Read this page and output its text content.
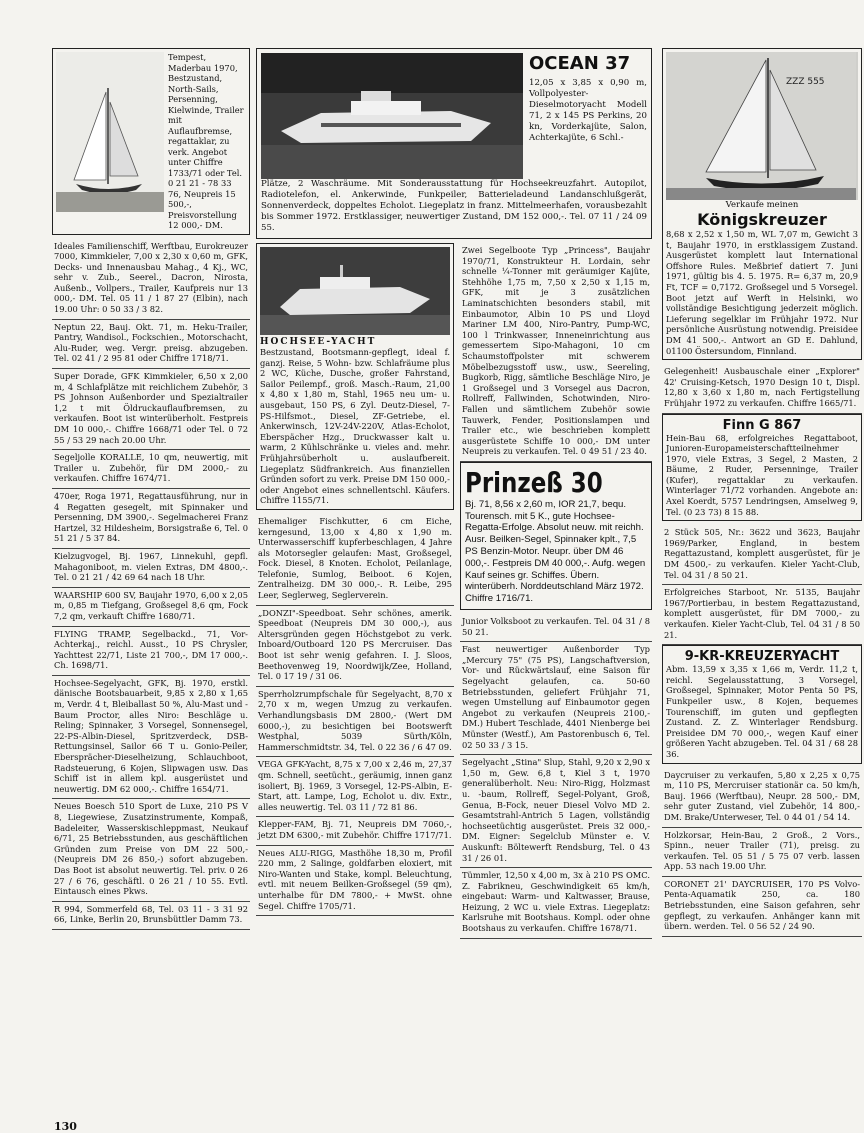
Tempest, Maderbau 1970, Bestzustand, North-Sails, Persenning, Kielwinde, Trailer mit Auflaufbremse, regattaklar, zu verk. Angebot unter Chiffre 1733/71 oder Tel. 0 21 21 - 78 33 76, Neupreis 15 500,-, Preisvorstellung 12 000,- DM.
Ideales Familienschiff, Werftbau, Eurokreuzer 7000, Kimmkieler, 7,00 x 2,30 x 0,60 m, GFK, Decks- und Innenausbau Mahag., 4 Kj., WC, sehr v. Zub., Seerel., Dacron, Nirosta, Außenb., Vollpers., Trailer, Kaufpreis nur 13 000,- DM. Tel. 05 11 / 1 87 27 (Elbin), nach 19.00 Uhr: 0 50 33 / 3 82.
Neptun 22, Bauj. Okt. 71, m. Heku-Trailer, Pantry, Wandisol., Fockschien., Motorschacht, Alu-Ruder, weg. Vergr. preisg. abzugeben. Tel. 02 41 / 2 95 81 oder Chiffre 1718/71.
Super Dorade, GFK Kimmkieler, 6,50 x 2,00 m, 4 Schlafplätze mit reichlichem Zubehör, 3 PS Johnson Außenborder und Spezialtrailer 1,2 t mit Öldruckauflaufbremsen, zu verkaufen. Boot ist winterüberholt. Festpreis DM 10 000,-. Chiffre 1668/71 oder Tel. 0 72 55 / 53 29 nach 20.00 Uhr.
Segeljolle KORALLE, 10 qm, neuwertig, mit Trailer u. Zubehör, für DM 2000,- zu verkaufen. Chiffre 1674/71.
470er, Roga 1971, Regattausführung, nur in 4 Regatten gesegelt, mit Spinnaker und Persenning, DM 3900,-. Segelmacherei Franz Hartzel, 32 Hildesheim, Borsigstraße 6, Tel. 0 51 21 / 5 37 84.
Kielzugvogel, Bj. 1967, Linnekuhl, gepfl. Mahagoniboot, m. vielen Extras, DM 4800,-. Tel. 0 21 21 / 42 69 64 nach 18 Uhr.
WAARSHIP 600 SV, Baujahr 1970, 6,00 x 2,05 m, 0,85 m Tiefgang, Großsegel 8,6 qm, Fock 7,2 qm, verkauft Chiffre 1680/71.
FLYING TRAMP, Segelbackd., 71, Vor-Achterkaj., reichl. Ausst., 10 PS Chrysler, Yachttest 22/71, Liste 21 700,-, DM 17 000,-. Ch. 1698/71.
Hochsee-Segelyacht, GFK, Bj. 1970, erstkl. dänische Bootsbauarbeit, 9,85 x 2,80 x 1,65 m, Verdr. 4 t, Bleiballast 50 %, Alu-Mast und -Baum Proctor, alles Niro: Beschläge u. Reling; Spinnaker, 3 Vorsegel, Sonnensegel, 22-PS-Albin-Diesel, Spritzverdeck, DSB-Rettungsinsel, Sailor 66 T u. Gonio-Peiler, Ebersprächer-Dieselheizung, Schlauchboot, Radsteuerung, 6 Kojen, Slipwagen usw. Das Schiff ist in allem kpl. ausgerüstet und neuwertig. DM 62 000,-. Chiffre 1654/71.
Neues Boesch 510 Sport de Luxe, 210 PS V 8, Liegewiese, Zusatzinstrumente, Kompaß, Badeleiter, Wasserskischleppmast, Neukauf 6/71, 25 Betriebsstunden, aus geschäftlichen Gründen zum Preise von DM 22 500,- (Neupreis DM 26 850,-) sofort abzugeben. Das Boot ist absolut neuwertig. Tel. priv. 0 26 27 / 6 76, geschäftl. 0 26 21 / 10 55. Evtl. Eintausch eines Pkws.
R 994, Sommerfeld 68, Tel. 03 11 - 3 31 92 66, Linke, Berlin 20, Brunsbüttler Damm 73.
OCEAN 37
12,05 x 3,85 x 0,90 m, Vollpolyester-Dieselmotoryacht Modell 71, 2 x 145 PS Perkins, 20 kn, Vorderkajüte, Salon, Achterkajüte, 6 Schl.-
Plätze, 2 Waschräume. Mit Sonderausstattung für Hochseekreuzfahrt. Autopilot, Radiotelefon, el. Ankerwinde, Funkpeiler, Batterieladeund Landanschlußgerät, Sonnenverdeck, doppeltes Echolot. Liegeplatz in franz. Mittelmeerhafen, vorausbezahlt bis Sommer 1972. Erstklassiger, neuwertiger Zustand, DM 152 000,-. Tel. 07 11 / 24 09 55.
HOCHSEE-YACHT
Bestzustand, Bootsmann-gepflegt, ideal f. ganzj. Reise, 5 Wohn- bzw. Schlafräume plus 2 WC, Küche, Dusche, großer Fahrstand, Sailor Peilempf., groß. Masch.-Raum, 21,00 x 4,80 x 1,80 m, Stahl, 1965 neu um- u. ausgebaut, 150 PS, 6 Zyl. Deutz-Diesel, 7-PS-Hilfsmot., Diesel, ZF-Getriebe, el. Ankerwinsch, 12V-24V-220V, Atlas-Echolot, Eberspächer Hzg., Druckwasser kalt u. warm, 2 Kühlschränke u. vieles and. mehr. Frühjahrsüberholt u. auslaufbereit. Liegeplatz Südfrankreich. Aus finanziellen Gründen sofort zu verk. Preise DM 150 000,- oder Angebot eines schnellentschl. Käufers. Chiffre 1155/71.
Ehemaliger Fischkutter, 6 cm Eiche, kerngesund, 13,00 x 4,80 x 1,90 m. Unterwasserschiff kupferbeschlagen, 4 Jahre als Motorsegler gelaufen: Mast, Großsegel, Fock. Diesel, 8 Knoten. Echolot, Peilanlage, Telefonie, Sumlog, Beiboot. 6 Kojen, Zentralheizg. DM 30 000,-. R. Leibe, 295 Leer, Seglerweg, Seglerverein.
„DONZI"-Speedboat. Sehr schönes, amerik. Speedboat (Neupreis DM 30 000,-), aus Altersgründen gegen Höchstgebot zu verk. Inboard/Outboard 120 PS Mercruiser. Das Boot ist sehr wenig gefahren. I. J. Sloos, Beethovenweg 19, Noordwijk/Zee, Holland, Tel. 0 17 19 / 31 06.
Sperrholzrumpfschale für Segelyacht, 8,70 x 2,70 x m, wegen Umzug zu verkaufen. Verhandlungsbasis DM 2800,- (Wert DM 6000,-), zu besichtigen bei Bootswerft Westphal, 5039 Sürth/Köln, Hammerschmidtstr. 34, Tel. 0 22 36 / 6 47 09.
VEGA GFK-Yacht, 8,75 x 7,00 x 2,46 m, 27,37 qm. Schnell, seetücht., geräumig, innen ganz isoliert, Bj. 1969, 3 Vorsegel, 12-PS-Albin, E-Start, att. Lampe, Log, Echolot u. div. Extr., alles neuwertig. Tel. 03 11 / 72 81 86.
Klepper-FAM, Bj. 71, Neupreis DM 7060,-, jetzt DM 6300,- mit Zubehör. Chiffre 1717/71.
Neues ALU-RIGG, Masthöhe 18,30 m, Profil 220 mm, 2 Salinge, goldfarben eloxiert, mit Niro-Wanten und Stake, kompl. Beleuchtung, evtl. mit neuem Beilken-Großsegel (59 qm), unterhalbe für DM 7800,- + MwSt. ohne Segel. Chiffre 1705/71.
Zwei Segelboote Typ „Princess", Baujahr 1970/71, Konstrukteur H. Lordain, sehr schnelle ¼-Tonner mit geräumiger Kajüte, Stehhöhe 1,75 m, 7,50 x 2,50 x 1,15 m, GFK, mit je 3 zusätzlichen Laminatschichten besonders stabil, mit Einbaumotor, Albin 10 PS und Lloyd Mariner LM 400, Niro-Pantry, Pump-WC, 100 l Trinkwasser, Inneneinrichtung aus gemessertem Sipo-Mahagoni, 10 cm Schaumstoffpolster mit schwerem Möbelbezugsstoff usw., usw., Seereling, Bugkorb, Rigg, sämtliche Beschläge Niro, je 1 Großsegel und 3 Vorsegel aus Dacron, Rollreff, Fallwinden, Schotwinden, Niro-Fallen und sämtlichem Zubehör sowie Tauwerk, Fender, Positionslampen und Trailer etc., wie beschrieben komplett ausgerüstete Schiffe 10 000,- DM unter Neupreis zu verkaufen. Tel. 0 49 51 / 23 40.
Prinzeß 30
Bj. 71, 8,56 x 2,60 m, IOR 21,7, bequ. Tourensch. mit 5 K., gute Hochsee-Regatta-Erfolge. Absolut neuw. mit reichh. Ausr. Beilken-Segel, Spinnaker kplt., 7,5 PS Benzin-Motor. Neupr. über DM 46 000,-. Festpreis DM 40 000,-. Aufg. wegen Kauf seines gr. Schiffes. Übern. winterüberh. Norddeutschland März 1972. Chiffre 1716/71.
Junior Volksboot zu verkaufen. Tel. 04 31 / 8 50 21.
Fast neuwertiger Außenborder Typ „Mercury 75" (75 PS), Langschaftversion, Vor- und Rückwärtslauf, eine Saison für Segelyacht gelaufen, ca. 50-60 Betriebsstunden, geliefert Frühjahr 71, wegen Umstellung auf Einbaumotor gegen Angebot zu verkaufen (Neupreis 2100,- DM.) Hubert Teschlade, 4401 Nienberge bei Münster (Westf.), Am Pastorenbusch 6, Tel. 02 50 33 / 3 15.
Segelyacht „Stina" Slup, Stahl, 9,20 x 2,90 x 1,50 m, Gew. 6,8 t, Kiel 3 t, 1970 generalüberholt. Neu: Niro-Rigg, Holzmast u. -baum, Rollreff, Segel-Polyant, Groß, Genua, B-Fock, neuer Diesel Volvo MD 2. Gesamtstrahl-Antrich 5 Lagen, vollständig hochseetüchtig ausgerüstet. Preis 32 000,- DM. Eigner: Segelclub Münster e. V. Auskunft: Böltewerft Rendsburg, Tel. 0 43 31 / 26 01.
Tümmler, 12,50 x 4,00 m, 3x à 210 PS OMC. Z. Fabrikneu, Geschwindigkeit 65 km/h, eingebaut: Warm- und Kaltwasser, Brause, Heizung, 2 WC u. viele Extras. Liegeplatz: Karlsruhe mit Bootshaus. Kompl. oder ohne Bootshaus zu verkaufen. Chiffre 1678/71.
ZZZ 555
Verkaufe meinen
Königskreuzer
8,68 x 2,52 x 1,50 m, WL 7,07 m, Gewicht 3 t, Baujahr 1970, in erstklassigem Zustand. Ausgerüstet komplett laut International Offshore Rules. Meßbrief datiert 7. Juni 1971, gültig bis 4. 5. 1975. R= 6,37 m, 20,9 Ft, TCF = 0,7172. Großsegel und 5 Vorsegel. Boot jetzt auf Werft in Helsinki, wo vollständige Besichtigung jederzeit möglich. Lieferung segelklar im Frühjahr 1972. Nur persönliche Ausrüstung notwendig. Preisidee DM 41 500,-. Antwort an GD E. Dahlund, 01100 Östersundom, Finnland.
Gelegenheit! Ausbauschale einer „Explorer" 42' Cruising-Ketsch, 1970 Design 10 t, Displ. 12,80 x 3,60 x 1,80 m, nach Fertigstellung Frühjahr 1972 zu verkaufen. Chiffre 1665/71.
Finn G 867
Hein-Bau 68, erfolgreiches Regattaboot, Junioren-Europameisterschaftteilnehmer 1970, viele Extras, 3 Segel, 2 Masten, 2 Bäume, 2 Ruder, Persenninge, Trailer (Kufer), regattaklar zu verkaufen. Winterlager 71/72 vorhanden. Angebote an: Axel Koerdt, 5757 Lendringsen, Amselweg 9, Tel. (0 23 73) 8 15 88.
2 Stück 505, Nr.: 3622 und 3623, Baujahr 1969/Parker, England, in bestem Regattazustand, komplett ausgerüstet, für je DM 4500,- zu verkaufen. Kieler Yacht-Club, Tel. 04 31 / 8 50 21.
Erfolgreiches Starboot, Nr. 5135, Baujahr 1967/Portierbau, in bestem Regattazustand, komplett ausgerüstet, für DM 7000,- zu verkaufen. Kieler Yacht-Club, Tel. 04 31 / 8 50 21.
9-KR-KREUZERYACHT
Abm. 13,59 x 3,35 x 1,66 m, Verdr. 11,2 t, reichl. Segelausstattung, 3 Vorsegel, Großsegel, Spinnaker, Motor Penta 50 PS, Funkpeiler usw., 8 Kojen, bequemes Tourenschiff, im guten und gepflegten Zustand. Z. Z. Winterlager Rendsburg. Preisidee DM 70 000,-, wegen Kauf einer größeren Yacht abzugeben. Tel. 04 31 / 68 28 36.
Daycruiser zu verkaufen, 5,80 x 2,25 x 0,75 m, 110 PS, Mercruiser stationär ca. 50 km/h, Bauj. 1966 (Werftbau), Neupr. 28 500,- DM, sehr guter Zustand, viel Zubehör, 14 800,- DM. Brake/Unterweser, Tel. 0 44 01 / 54 14.
Holzkorsar, Hein-Bau, 2 Groß., 2 Vors., Spinn., neuer Trailer (71), preisg. zu verkaufen. Tel. 05 51 / 5 75 07 verb. lassen App. 53 nach 19.00 Uhr.
CORONET 21' DAYCRUISER, 170 PS Volvo-Penta-Aquamatik 250, ca. 180 Betriebsstunden, eine Saison gefahren, sehr gepflegt, zu verkaufen. Anhänger kann mit übern. werden. Tel. 0 56 52 / 24 90.
130
